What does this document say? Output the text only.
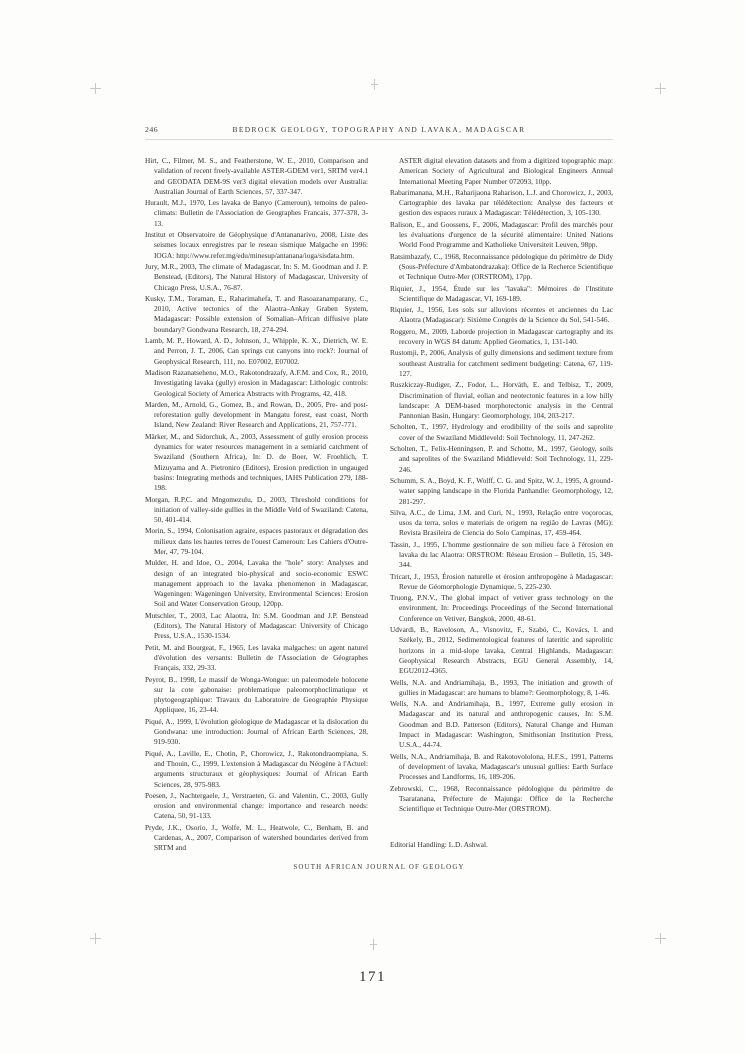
246	BEDROCK GEOLOGY, TOPOGRAPHY AND LAVAKA, MADAGSCAR

Hirt, C., Filmer, M. S., and Featherstone, W. E., 2010, Comparison and validation of recent freely-available ASTER-GDEM ver1, SRTM ver4.1 and GEODATA DEM-9S ver3 digital elevation models over Australia: Australian Journal of Earth Sciences, 57, 337-347.

Hurault, M.J., 1970, Les lavaka de Banyo (Cameroun), temoins de paleo-climats: Bulletin de l'Association de Geographes Francais, 377-378, 3-13.

Institut et Observatoire de Géophysique d'Antananarivo, 2008, Liste des seismes locaux enregistres par le reseau sismique Malgache en 1996: IOGA: http://www.refer.mg/edu/minesup/antanana/ioga/sisdata.htm.

Jury, M.R., 2003, The climate of Madagascar, In: S. M. Goodman and J. P. Benstead, (Editors), The Natural History of Madagascar, University of Chicago Press, U.S.A., 76-87.

Kusky, T.M., Toraman, E., Raharimahefa, T. and Rasoazanamparany, C., 2010, Active tectonics of the Alaotra–Ankay Graben System, Madagascar: Possible extension of Somalian–African diffusive plate boundary? Gondwana Research, 18, 274-294.

Lamb, M. P., Howard, A. D., Johnson, J., Whipple, K. X., Dietrich, W. E. and Perron, J. T., 2006, Can springs cut canyons into rock?: Journal of Geophysical Research, 111, no. E07002, E07002.

Madison Razanatseheno, M.O., Rakotondrazafy, A.F.M. and Cox, R., 2010, Investigating lavaka (gully) erosion in Madagascar: Lithologic controls: Geological Society of America Abstracts with Programs, 42, 418.

Marden, M., Arnold, G., Gomez, B., and Rowan, D., 2005, Pre- and post-reforestation gully development in Mangatu forest, east coast, North Island, New Zealand: River Research and Applications, 21, 757-771.

Märker, M., and Sidorchuk, A., 2003, Assessment of gully erosion process dynamics for water resources management in a semiarid catchment of Swaziland (Southern Africa), In: D. de Boer, W. Froehlich, T. Mizuyama and A. Pietroniro (Editors), Erosion prediction in ungauged basins: Integrating methods and techniques, IAHS Publication 279, 188-198.

Morgan, R.P.C. and Mngomezulu, D., 2003, Threshold conditions for initiation of valley-side gullies in the Middle Veld of Swaziland: Catena, 50, 401-414.

Morin, S., 1994, Colonisation agraire, espaces pastoraux et dégradation des milieux dans les hautes terres de l'ouest Cameroun: Les Cahiers d'Outre-Mer, 47, 79-104.

Mulder, H. and Idoe, O., 2004, Lavaka the "hole" story: Analyses and design of an integrated bio-physical and socio-economic ESWC management approach to the lavaka phenomenon in Madagascar, Wageningen: Wageningen University, Environmental Sciences: Erosion Soil and Water Conservation Group, 120pp.

Mutschler, T., 2003, Lac Alaotra, In: S.M. Goodman and J.P. Benstead (Editors), The Natural History of Madagascar: University of Chicago Press, U.S.A., 1530-1534.

Petit, M. and Bourgeat, F., 1965, Les lavaka malgaches: un agent naturel d'évolution des versants: Bulletin de l'Association de Géographes Français, 332, 29-33.

Peyrot, B., 1998, Le massif de Wonga-Wongue: un paleomodele holocene sur la cote gabonaise: problematique paleomorphoclimatique et phytogeographique: Travaux du Laboratoire de Geographie Physique Appliquee, 16, 23-44.

Piqué, A., 1999, L'évolution géologique de Madagascar et la dislocation du Gondwana: une introduction: Journal of African Earth Sciences, 28, 919-930.

Piqué, A., Laville, E., Chotin, P., Chorowicz, J., Rakotondraompiana, S. and Thouin, C., 1999, L'extension à Madagascar du Néogène à l'Actuel: arguments structuraux et géophysiques: Journal of African Earth Sciences, 28, 975-983.

Poesen, J., Nachtergaele, J., Verstraeten, G. and Valentin, C., 2003, Gully erosion and environmental change: importance and research needs: Catena, 50, 91-133.

Pryde, J.K., Osorio, J., Wolfe, M. L., Heatwole, C., Benham, B. and Cardenas, A., 2007, Comparison of watershed boundaries derived from SRTM and

ASTER digital elevation datasets and from a digitized topographic map: American Society of Agricultural and Biological Engineers Annual International Meeting Paper Number 072093, 10pp.

Rabarimanana, M.H., Raharijaona Raharison, L.J. and Chorowicz, J., 2003, Cartographie des lavaka par télédétection: Analyse des facteurs et gestion des espaces ruraux à Madagascar: Télédétection, 3, 105-130.

Ralison, E., and Goossens, F., 2006, Madagascar: Profil des marchés pour les évaluations d'urgence de la sécurité alimentaire: United Nations World Food Programme and Katholieke Universiteit Leuven, 98pp.

Ratsimbazafy, C., 1968, Reconnaissance pédologique du périmètre de Didy (Sous-Préfecture d'Ambatondrazaka): Office de la Recherce Scientifique et Technique Outre-Mer (ORSTROM), 17pp.

Riquier, J., 1954, Étude sur les "lavaka": Mémoires de l'Institute Scientifique de Madagascar, VI, 169-189.

Riquier, J., 1956, Les sols sur alluvions récentes et anciennes du Lac Alaotra (Madagascar): Sixième Congrès de la Science du Sol, 541-546.

Roggero, M., 2009, Laborde projection in Madagascar cartography and its recovery in WGS 84 datum: Applied Geomatics, 1, 131-140.

Rustomji, P., 2006, Analysis of gully dimensions and sediment texture from southeast Australia for catchment sediment budgeting: Catena, 67, 119-127.

Ruszkiczay-Rudiger, Z., Fodor, L., Horváth, E. and Telbisz, T., 2009, Discrimination of fluvial, eolian and neotectonic features in a low hilly landscape: A DEM-based morphotectonic analysis in the Central Pannonian Basin, Hungary: Geomorphology, 104, 203-217.

Scholten, T., 1997, Hydrology and erodibility of the soils and saprolite cover of the Swaziland Middleveld: Soil Technology, 11, 247-262.

Scholten, T., Felix-Henningsen, P. and Schotte, M., 1997, Geology, soils and saprolites of the Swaziland Middleveld: Soil Technology, 11, 229-246.

Schumm, S. A., Boyd, K. F., Wolff, C. G. and Spitz, W. J., 1995, A ground-water sapping landscape in the Florida Panhandle: Geomorphology, 12, 281-297.

Silva, A.C., de Lima, J.M. and Curi, N., 1993, Relação entre voçorocas, usos da terra, solos e materiais de origem na região de Lavras (MG): Revista Brasileira de Ciencia do Solo Campinas, 17, 459-464.

Tassin, J., 1995, L'homme gestionnaire de son milieu face à l'érosion en lavaka du lac Alaotra: ORSTROM: Réseau Erosion – Bulletin, 15, 349-344.

Tricart, J., 1953, Érosion naturelle et érosion anthropogène à Madagascar: Revue de Géomorphologie Dynamique, 5, 225-230.

Truong, P.N.V., The global impact of vetiver grass technology on the environment, In: Proceedings Proceedings of the Second International Conference on Vetiver, Bangkok, 2000, 48-61.

Udvardi, B., Raveloson, A., Visnovitz, F., Szabó, C., Kovács, I. and Székely, B., 2012, Sedimentological features of lateritic and saprolitic horizons in a mid-slope lavaka, Central Highlands, Madagascar: Geophysical Research Abstracts, EGU General Assembly, 14, EGU2012-4365.

Wells, N.A. and Andriamihaja, B., 1993, The initiation and growth of gullies in Madagascar: are humans to blame?: Geomorphology, 8, 1-46.

Wells, N.A. and Andriamihaja, B., 1997, Extreme gully erosion in Madagascar and its natural and anthropogenic causes, In: S.M. Goodman and B.D. Patterson (Editors), Natural Change and Human Impact in Madagascar: Washington, Smithsonian Institution Press, U.S.A., 44-74.

Wells, N.A., Andriamihaja, B. and Rakotovololona, H.F.S., 1991, Patterns of development of lavaka, Madagascar's unusual gullies: Earth Surface Processes and Landforms, 16, 189-206.

Zebrowski, C., 1968, Reconnaissance pédologique du périmètre de Tsaratanana, Préfecture de Majunga: Office de la Recherche Scientifique et Technique Outre-Mer (ORSTROM).

Editorial Handling: L.D. Ashwal.

SOUTH AFRICAN JOURNAL OF GEOLOGY
171
